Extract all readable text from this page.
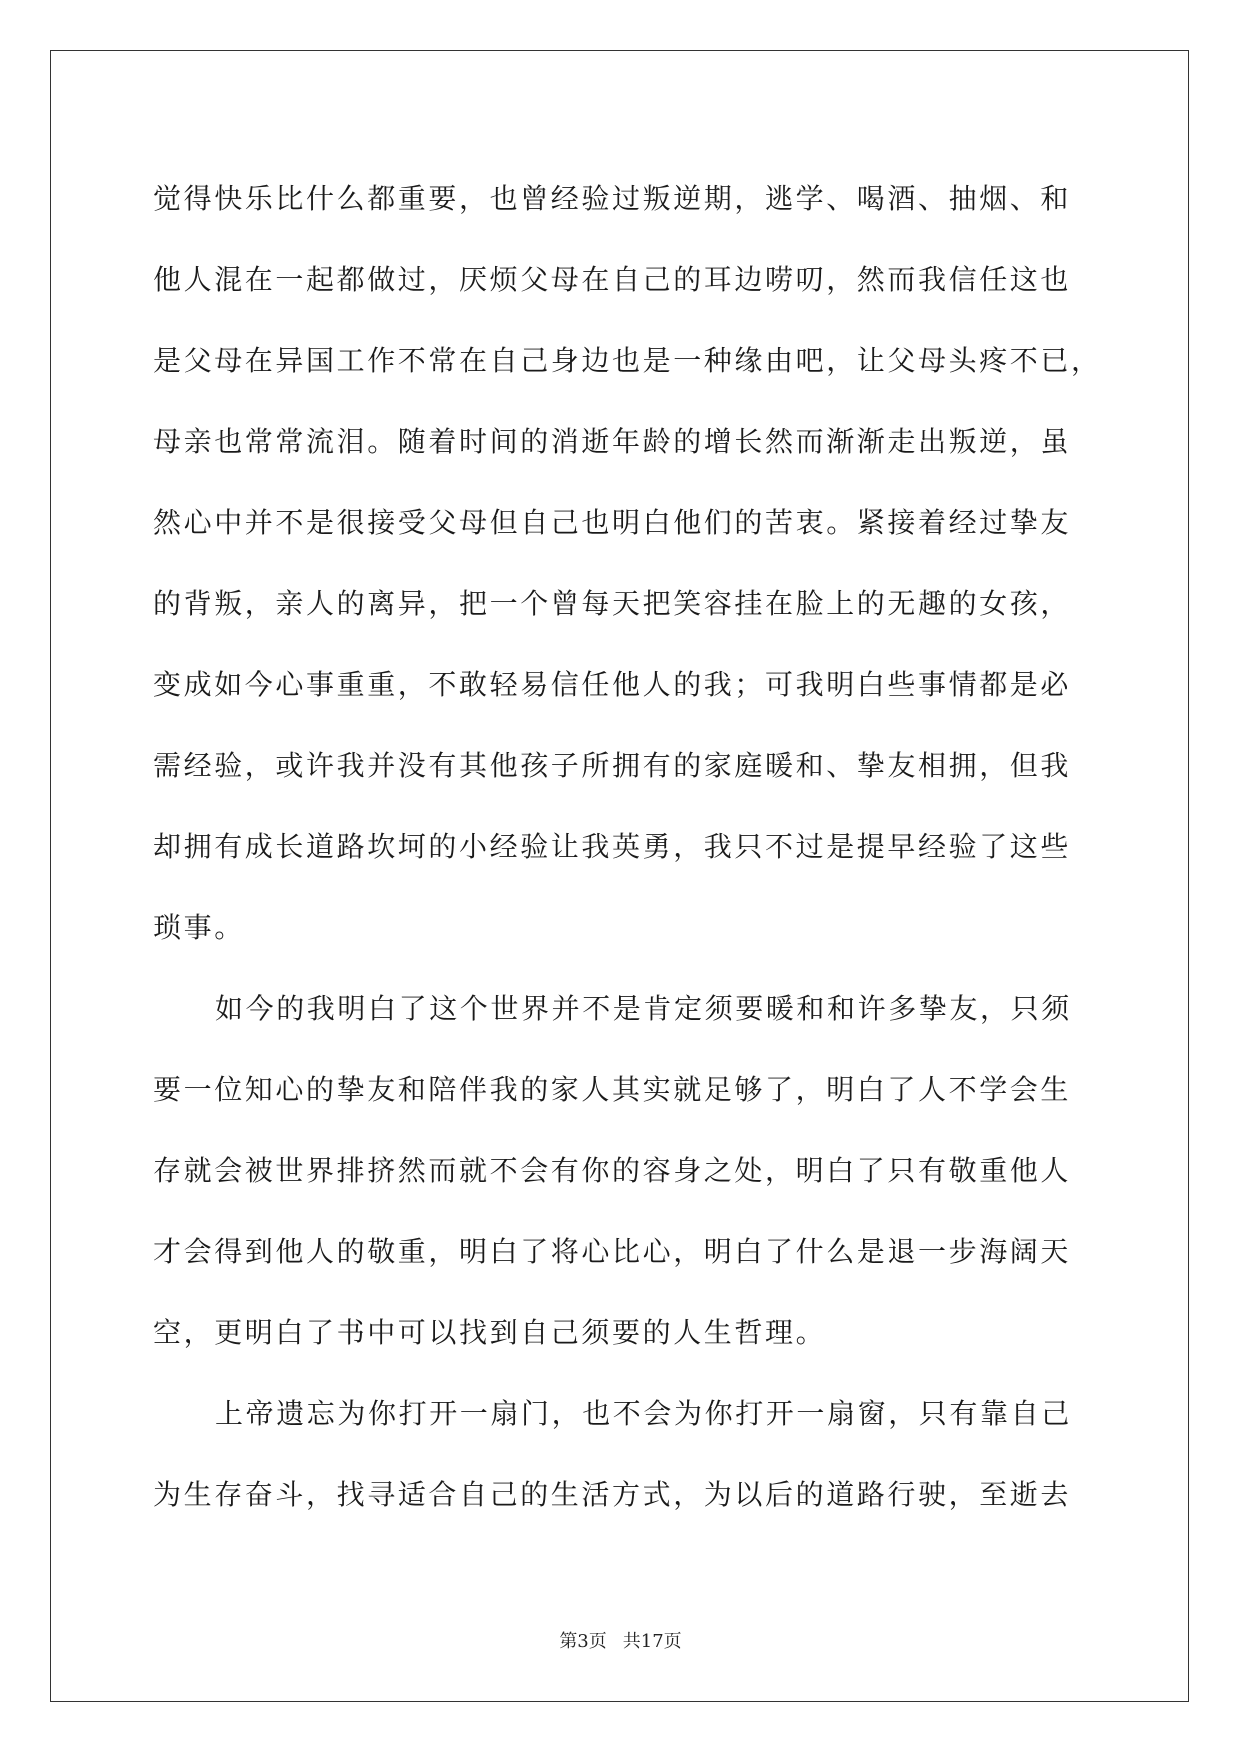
觉得快乐比什么都重要，也曾经验过叛逆期，逃学、喝酒、抽烟、和
他人混在一起都做过，厌烦父母在自己的耳边唠叨，然而我信任这也
是父母在异国工作不常在自己身边也是一种缘由吧，让父母头疼不已，
母亲也常常流泪。随着时间的消逝年龄的增长然而渐渐走出叛逆，虽
然心中并不是很接受父母但自己也明白他们的苦衷。紧接着经过挚友
的背叛，亲人的离异，把一个曾每天把笑容挂在脸上的无趣的女孩，
变成如今心事重重，不敢轻易信任他人的我；可我明白些事情都是必
需经验，或许我并没有其他孩子所拥有的家庭暖和、挚友相拥，但我
却拥有成长道路坎坷的小经验让我英勇，我只不过是提早经验了这些
琐事。
如今的我明白了这个世界并不是肯定须要暖和和许多挚友，只须
要一位知心的挚友和陪伴我的家人其实就足够了，明白了人不学会生
存就会被世界排挤然而就不会有你的容身之处，明白了只有敬重他人
才会得到他人的敬重，明白了将心比心，明白了什么是退一步海阔天
空，更明白了书中可以找到自己须要的人生哲理。
上帝遗忘为你打开一扇门，也不会为你打开一扇窗，只有靠自己
为生存奋斗，找寻适合自己的生活方式，为以后的道路行驶，至逝去
第3页 共17页
